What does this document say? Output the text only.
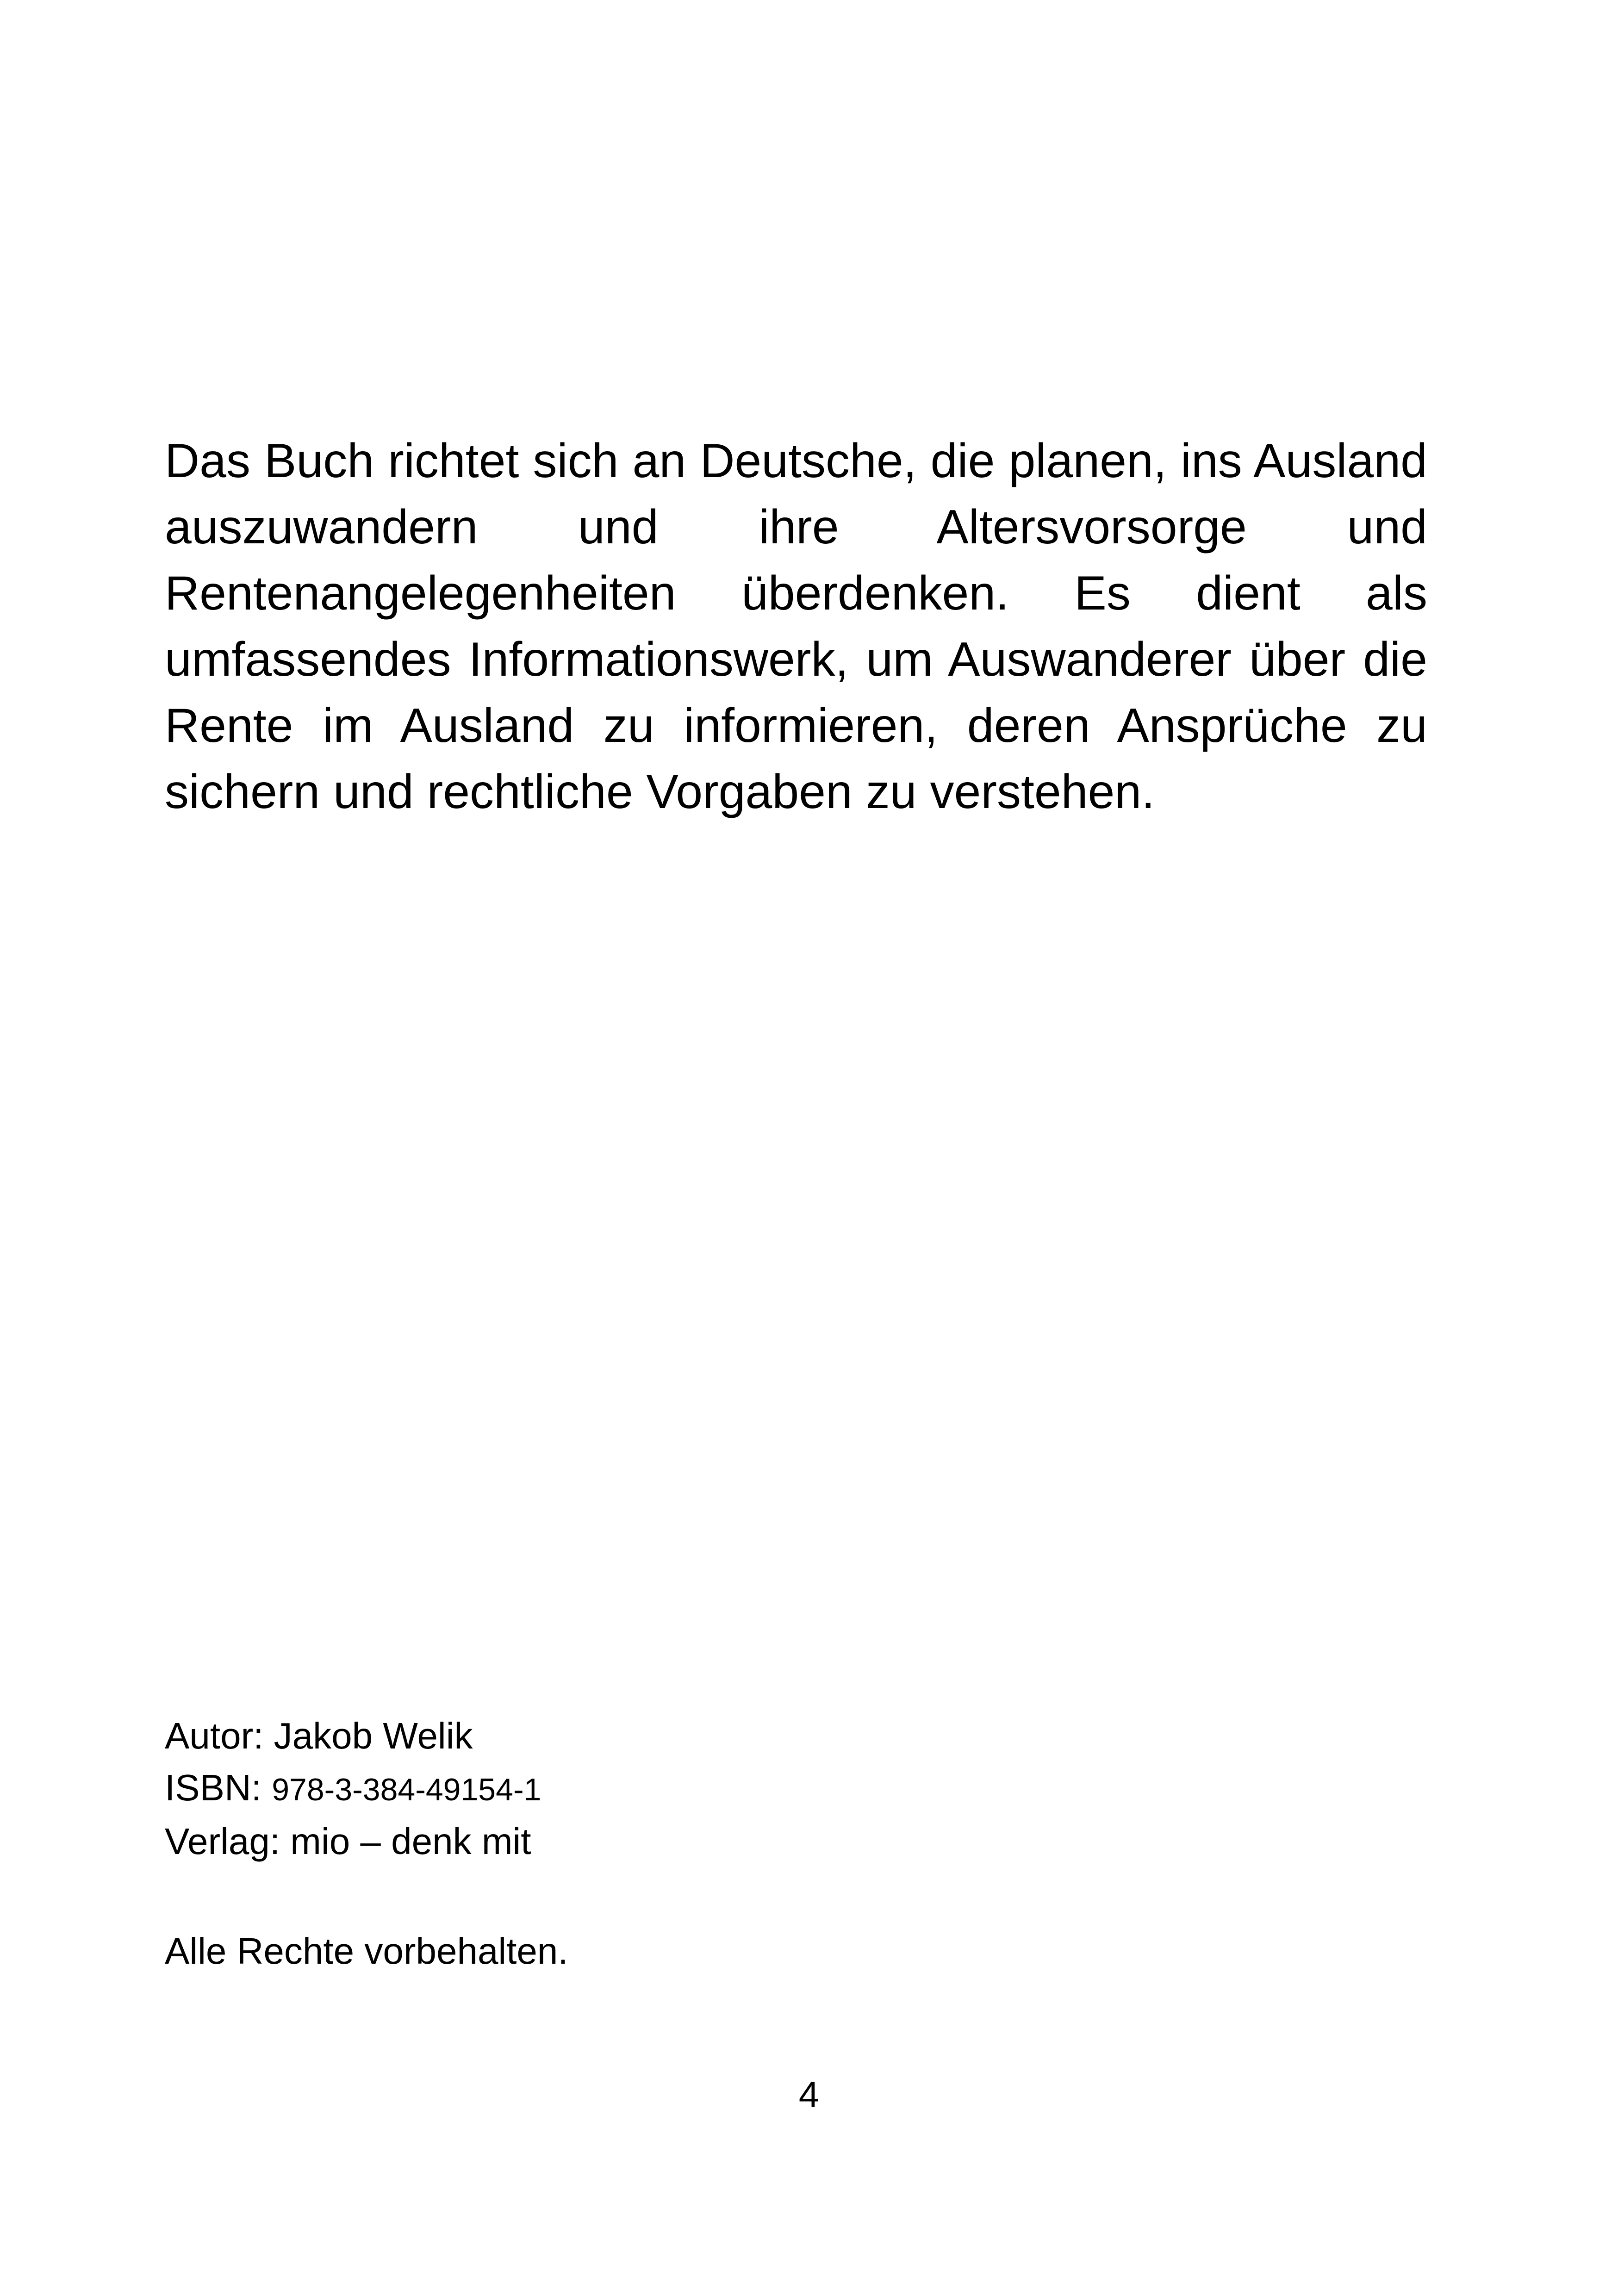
Das Buch richtet sich an Deutsche, die planen, ins Ausland auszuwandern und ihre Altersvorsorge und Rentenangelegenheiten überdenken. Es dient als umfassendes Informationswerk, um Auswanderer über die Rente im Ausland zu informieren, deren Ansprüche zu sichern und rechtliche Vorgaben zu verstehen.

Autor: Jakob Welik
ISBN: 978-3-384-49154-1
Verlag: mio – denk mit
Alle Rechte vorbehalten.
4
